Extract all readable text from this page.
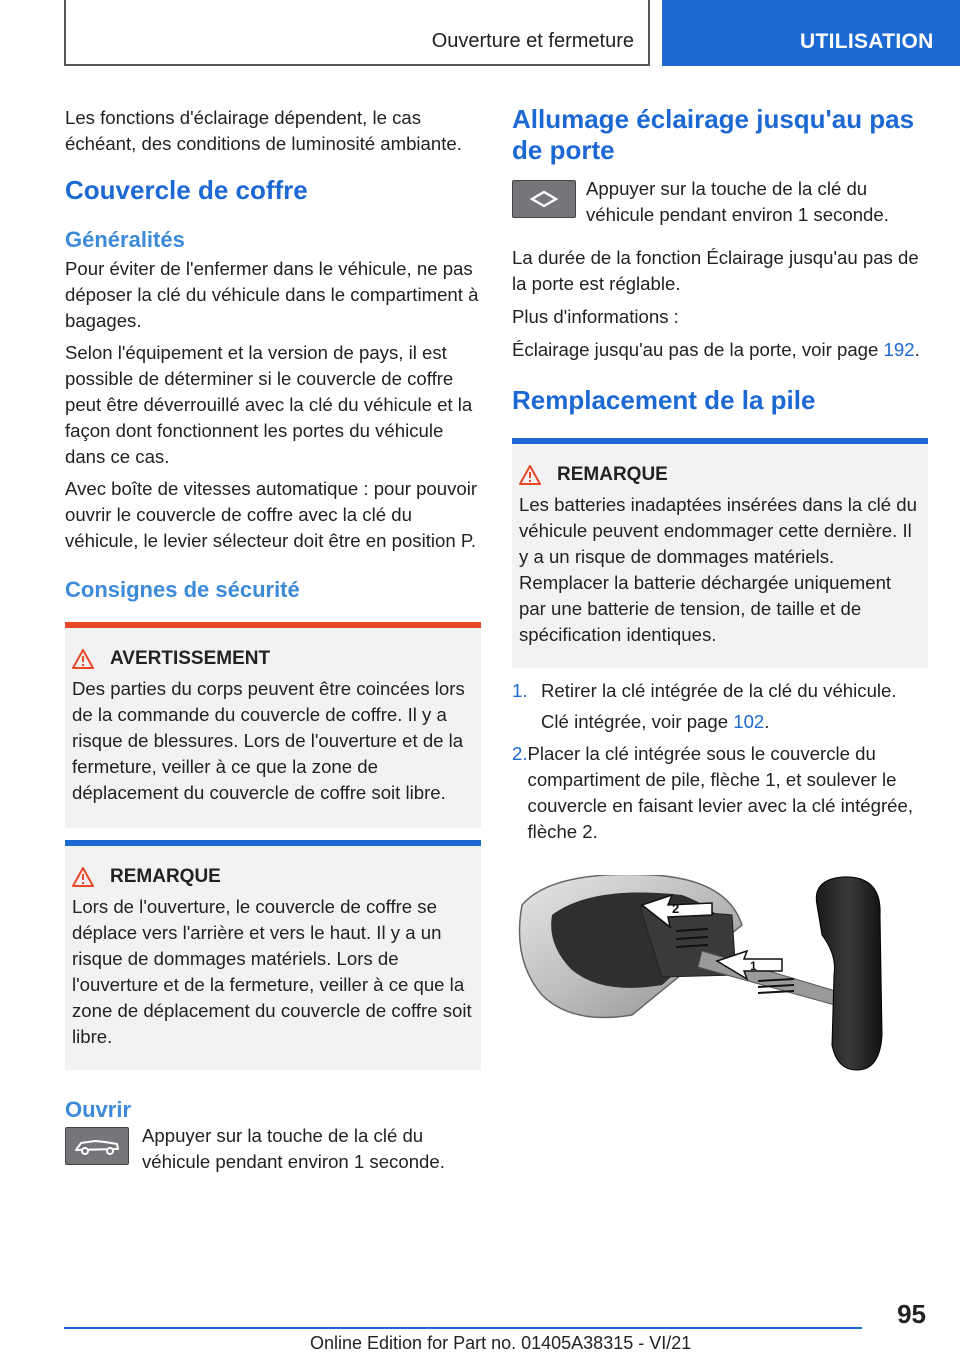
Ouverture et fermeture	UTILISATION

Les fonctions d'éclairage dépendent, le cas échéant, des conditions de luminosité ambiante.

Couvercle de coffre
Généralités

Pour éviter de l'enfermer dans le véhicule, ne pas déposer la clé du véhicule dans le compartiment à bagages.

Selon l'équipement et la version de pays, il est possible de déterminer si le couvercle de coffre peut être déverrouillé avec la clé du véhicule et la façon dont fonctionnent les portes du véhicule dans ce cas.

Avec boîte de vitesses automatique : pour pouvoir ouvrir le couvercle de coffre avec la clé du véhicule, le levier sélecteur doit être en position P.

Consignes de sécurité
AVERTISSEMENT

Des parties du corps peuvent être coincées lors de la commande du couvercle de coffre. Il y a risque de blessures. Lors de l'ouverture et de la fermeture, veiller à ce que la zone de déplacement du couvercle de coffre soit libre.

REMARQUE

Lors de l'ouverture, le couvercle de coffre se déplace vers l'arrière et vers le haut. Il y a un risque de dommages matériels. Lors de l'ouverture et de la fermeture, veiller à ce que la zone de déplacement du couvercle de coffre soit libre.

Ouvrir

Appuyer sur la touche de la clé du véhicule pendant environ 1 seconde.

Allumage éclairage jusqu'au pas de porte

Appuyer sur la touche de la clé du véhicule pendant environ 1 seconde.

La durée de la fonction Éclairage jusqu'au pas de la porte est réglable.

Plus d'informations :

Éclairage jusqu'au pas de la porte, voir page 192.

Remplacement de la pile
REMARQUE

Les batteries inadaptées insérées dans la clé du véhicule peuvent endommager cette dernière. Il y a un risque de dommages matériels. Remplacer la batterie déchargée uniquement par une batterie de tension, de taille et de spécification identiques.

1. Retirer la clé intégrée de la clé du véhicule.

Clé intégrée, voir page 102.

2. Placer la clé intégrée sous le couvercle du compartiment de pile, flèche 1, et soulever le couvercle en faisant levier avec la clé intégrée, flèche 2.

2
1
95
Online Edition for Part no. 01405A38315 - VI/21
